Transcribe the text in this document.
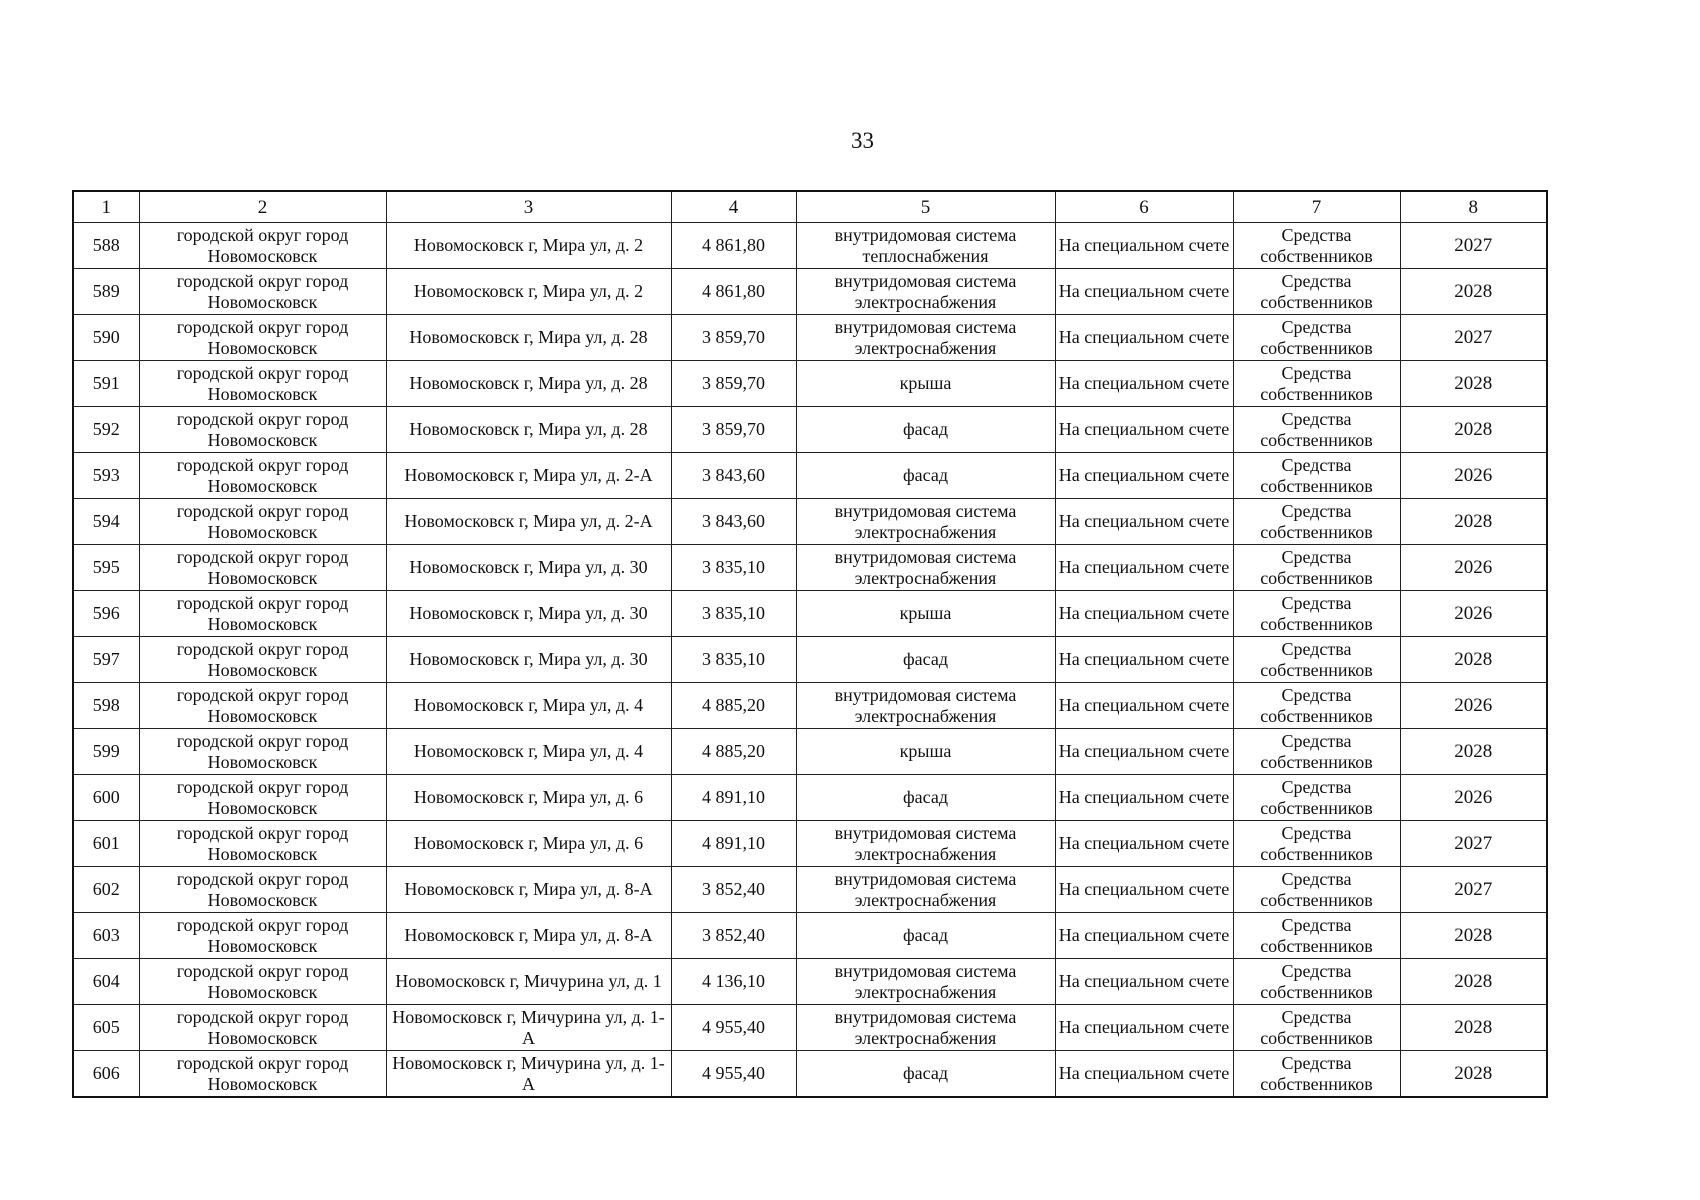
33
1	2	3	4	5	6	7	8
588	городской округ город Новомосковск	Новомосковск г, Мира ул, д. 2	4 861,80	внутридомовая система теплоснабжения	На специальном счете	Средства собственников	2027
589	городской округ город Новомосковск	Новомосковск г, Мира ул, д. 2	4 861,80	внутридомовая система электроснабжения	На специальном счете	Средства собственников	2028
590	городской округ город Новомосковск	Новомосковск г, Мира ул, д. 28	3 859,70	внутридомовая система электроснабжения	На специальном счете	Средства собственников	2027
591	городской округ город Новомосковск	Новомосковск г, Мира ул, д. 28	3 859,70	крыша	На специальном счете	Средства собственников	2028
592	городской округ город Новомосковск	Новомосковск г, Мира ул, д. 28	3 859,70	фасад	На специальном счете	Средства собственников	2028
593	городской округ город Новомосковск	Новомосковск г, Мира ул, д. 2-А	3 843,60	фасад	На специальном счете	Средства собственников	2026
594	городской округ город Новомосковск	Новомосковск г, Мира ул, д. 2-А	3 843,60	внутридомовая система электроснабжения	На специальном счете	Средства собственников	2028
595	городской округ город Новомосковск	Новомосковск г, Мира ул, д. 30	3 835,10	внутридомовая система электроснабжения	На специальном счете	Средства собственников	2026
596	городской округ город Новомосковск	Новомосковск г, Мира ул, д. 30	3 835,10	крыша	На специальном счете	Средства собственников	2026
597	городской округ город Новомосковск	Новомосковск г, Мира ул, д. 30	3 835,10	фасад	На специальном счете	Средства собственников	2028
598	городской округ город Новомосковск	Новомосковск г, Мира ул, д. 4	4 885,20	внутридомовая система электроснабжения	На специальном счете	Средства собственников	2026
599	городской округ город Новомосковск	Новомосковск г, Мира ул, д. 4	4 885,20	крыша	На специальном счете	Средства собственников	2028
600	городской округ город Новомосковск	Новомосковск г, Мира ул, д. 6	4 891,10	фасад	На специальном счете	Средства собственников	2026
601	городской округ город Новомосковск	Новомосковск г, Мира ул, д. 6	4 891,10	внутридомовая система электроснабжения	На специальном счете	Средства собственников	2027
602	городской округ город Новомосковск	Новомосковск г, Мира ул, д. 8-А	3 852,40	внутридомовая система электроснабжения	На специальном счете	Средства собственников	2027
603	городской округ город Новомосковск	Новомосковск г, Мира ул, д. 8-А	3 852,40	фасад	На специальном счете	Средства собственников	2028
604	городской округ город Новомосковск	Новомосковск г, Мичурина ул, д. 1	4 136,10	внутридомовая система электроснабжения	На специальном счете	Средства собственников	2028
605	городской округ город Новомосковск	Новомосковск г, Мичурина ул, д. 1-А	4 955,40	внутридомовая система электроснабжения	На специальном счете	Средства собственников	2028
606	городской округ город Новомосковск	Новомосковск г, Мичурина ул, д. 1-А	4 955,40	фасад	На специальном счете	Средства собственников	2028
